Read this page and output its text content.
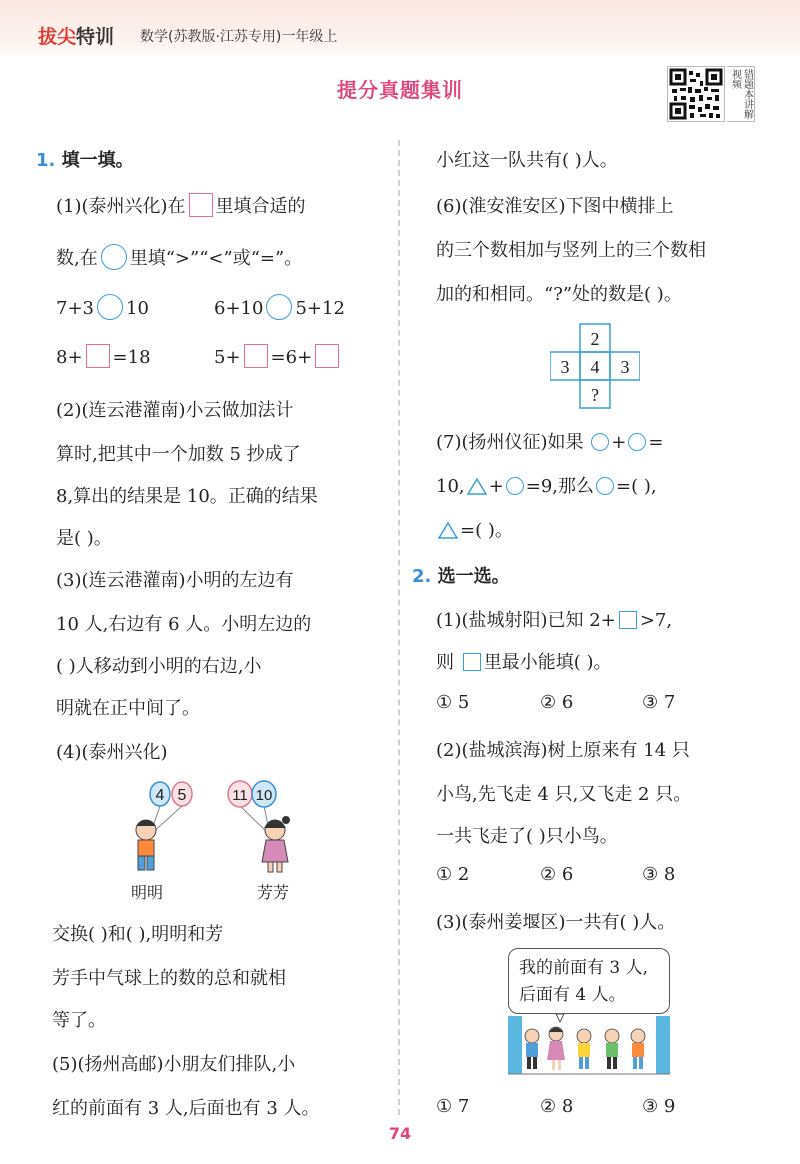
拔尖特训 数学(苏教版·江苏专用)一年级上
提分真题集训	错题本讲解视频
1. 填一填。
(1)(泰州兴化)在 里填合适的
数,在 里填“>”“<”或“=”。
7+3 10	6+10 5+12
8+ =18	5+ =6+
(2)(连云港灌南)小云做加法计
算时,把其中一个加数 5 抄成了
8,算出的结果是 10。正确的结果
是( )。
(3)(连云港灌南)小明的左边有
10 人,右边有 6 人。小明左边的
( )人移动到小明的右边,小
明就在正中间了。
(4)(泰州兴化)
4 5	11 10
明明	芳芳
交换( )和( ),明明和芳
芳手中气球上的数的总和就相
等了。
(5)(扬州高邮)小朋友们排队,小
红的前面有 3 人,后面也有 3 人。
小红这一队共有( )人。
(6)(淮安淮安区)下图中横排上
的三个数相加与竖列上的三个数相
加的和相同。“?”处的数是( )。
2
3 4 3
?
(7)(扬州仪征)如果 + =
10, + =9,那么 =( ),
=( )。
2. 选一选。
(1)(盐城射阳)已知 2+ >7,
则 里最小能填( )。
① 5	② 6	③ 7
(2)(盐城滨海)树上原来有 14 只
小鸟,先飞走 4 只,又飞走 2 只。
一共飞走了( )只小鸟。
① 2	② 6	③ 8
(3)(泰州姜堰区)一共有( )人。
我的前面有 3 人,
后面有 4 人。
① 7	② 8	③ 9
74
